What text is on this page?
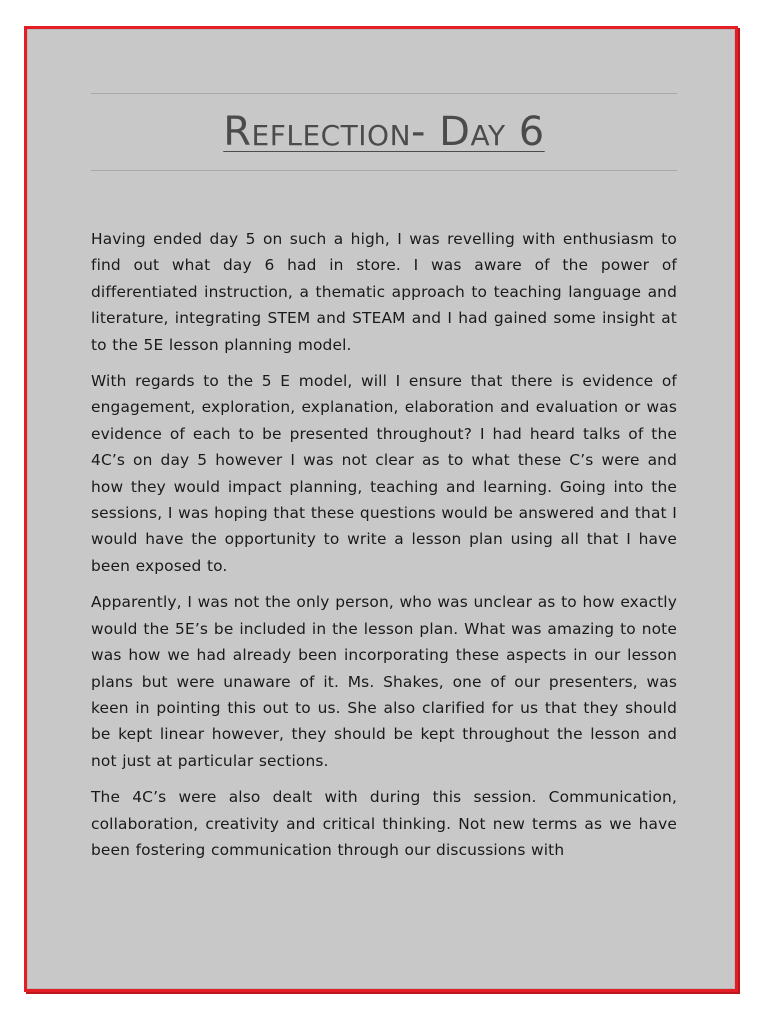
Reflection- Day 6

Having ended day 5 on such a high, I was revelling with enthusiasm to find out what day 6 had in store. I was aware of the power of differentiated instruction, a thematic approach to teaching language and literature, integrating STEM and STEAM and I had gained some insight at to the 5E lesson planning model.

With regards to the 5 E model, will I ensure that there is evidence of engagement, exploration, explanation, elaboration and evaluation or was evidence of each to be presented throughout? I had heard talks of the 4C’s on day 5 however I was not clear as to what these C’s were and how they would impact planning, teaching and learning. Going into the sessions, I was hoping that these questions would be answered and that I would have the opportunity to write a lesson plan using all that I have been exposed to.

Apparently, I was not the only person, who was unclear as to how exactly would the 5E’s be included in the lesson plan. What was amazing to note was how we had already been incorporating these aspects in our lesson plans but were unaware of it. Ms. Shakes, one of our presenters, was keen in pointing this out to us. She also clarified for us that they should be kept linear however, they should be kept throughout the lesson and not just at particular sections.

The 4C’s were also dealt with during this session. Communication, collaboration, creativity and critical thinking. Not new terms as we have been fostering communication through our discussions with
